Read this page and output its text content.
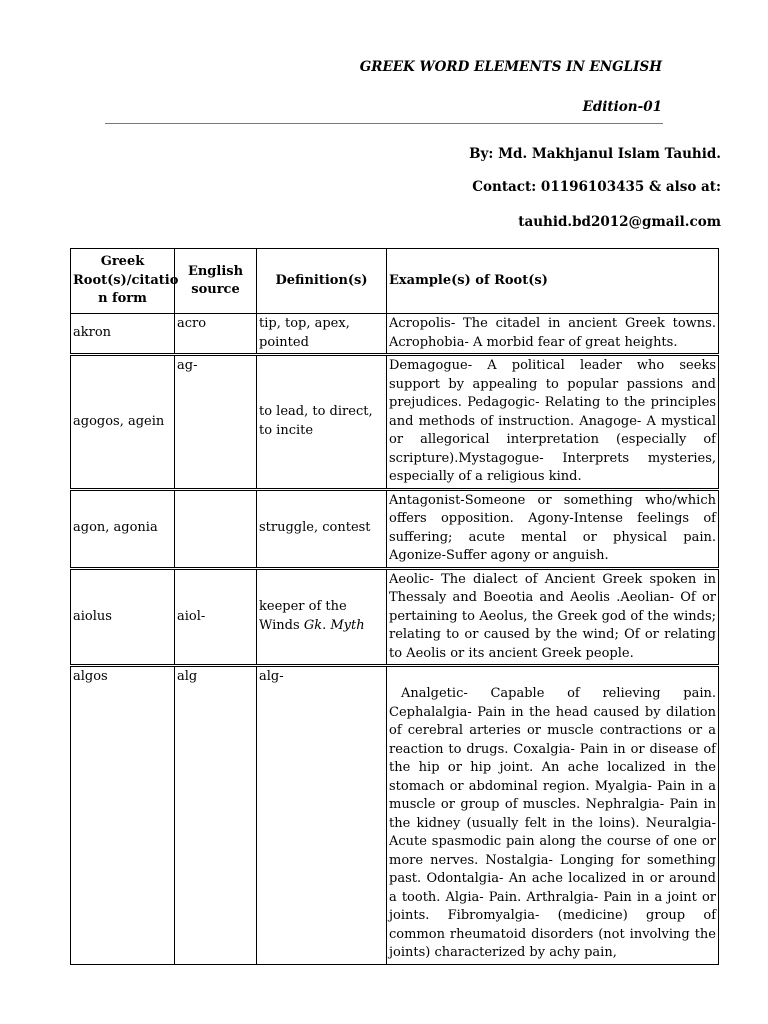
GREEK WORD ELEMENTS IN ENGLISH
Edition-01
By: Md. Makhjanul Islam Tauhid.
Contact: 01196103435 & also at:
tauhid.bd2012@gmail.com
Greek Root(s)/citatio n form	English source	Definition(s)	Example(s) of Root(s)
akron	acro	tip, top, apex, pointed	Acropolis- The citadel in ancient Greek towns. Acrophobia- A morbid fear of great heights.
agogos, agein	ag-	to lead, to direct, to incite	Demagogue- A political leader who seeks support by appealing to popular passions and prejudices. Pedagogic- Relating to the principles and methods of instruction. Anagoge- A mystical or allegorical interpretation (especially of scripture).Mystagogue- Interprets mysteries, especially of a religious kind.
agon, agonia		struggle, contest	Antagonist-Someone or something who/which offers opposition. Agony-Intense feelings of suffering; acute mental or physical pain. Agonize-Suffer agony or anguish.
aiolus	aiol-	keeper of the Winds Gk. Myth	Aeolic- The dialect of Ancient Greek spoken in Thessaly and Boeotia and Aeolis .Aeolian- Of or pertaining to Aeolus, the Greek god of the winds; relating to or caused by the wind; Of or relating to Aeolis or its ancient Greek people.
algos	alg	alg-	Analgetic- Capable of relieving pain. Cephalalgia- Pain in the head caused by dilation of cerebral arteries or muscle contractions or a reaction to drugs. Coxalgia- Pain in or disease of the hip or hip joint. An ache localized in the stomach or abdominal region. Myalgia- Pain in a muscle or group of muscles. Nephralgia- Pain in the kidney (usually felt in the loins). Neuralgia- Acute spasmodic pain along the course of one or more nerves. Nostalgia- Longing for something past. Odontalgia- An ache localized in or around a tooth. Algia- Pain. Arthralgia- Pain in a joint or joints. Fibromyalgia- (medicine) group of common rheumatoid disorders (not involving the joints) characterized by achy pain,
